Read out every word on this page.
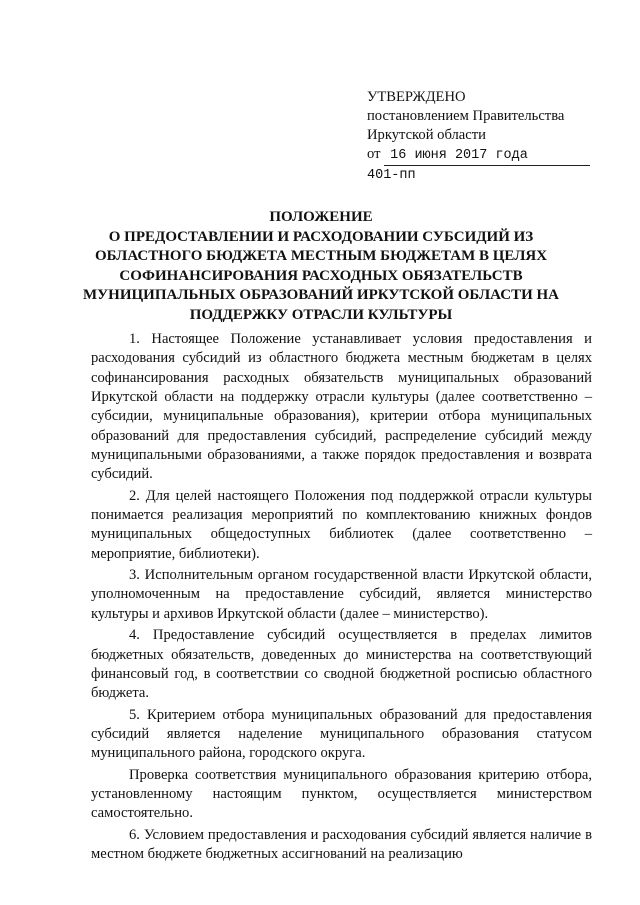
УТВЕРЖДЕНО
постановлением Правительства
Иркутской области
от 16 июня 2017 года
401-пп
ПОЛОЖЕНИЕ
О ПРЕДОСТАВЛЕНИИ И РАСХОДОВАНИИ СУБСИДИЙ ИЗ
ОБЛАСТНОГО БЮДЖЕТА МЕСТНЫМ БЮДЖЕТАМ В ЦЕЛЯХ
СОФИНАНСИРОВАНИЯ РАСХОДНЫХ ОБЯЗАТЕЛЬСТВ
МУНИЦИПАЛЬНЫХ ОБРАЗОВАНИЙ ИРКУТСКОЙ ОБЛАСТИ НА
ПОДДЕРЖКУ ОТРАСЛИ КУЛЬТУРЫ

1. Настоящее Положение устанавливает условия предоставления и расходования субсидий из областного бюджета местным бюджетам в целях софинансирования расходных обязательств муниципальных образований Иркутской области на поддержку отрасли культуры (далее соответственно – субсидии, муниципальные образования), критерии отбора муниципальных образований для предоставления субсидий, распределение субсидий между муниципальными образованиями, а также порядок предоставления и возврата субсидий.

2. Для целей настоящего Положения под поддержкой отрасли культуры понимается реализация мероприятий по комплектованию книжных фондов муниципальных общедоступных библиотек (далее соответственно – мероприятие, библиотеки).

3. Исполнительным органом государственной власти Иркутской области, уполномоченным на предоставление субсидий, является министерство культуры и архивов Иркутской области (далее – министерство).

4. Предоставление субсидий осуществляется в пределах лимитов бюджетных обязательств, доведенных до министерства на соответствующий финансовый год, в соответствии со сводной бюджетной росписью областного бюджета.

5. Критерием отбора муниципальных образований для предоставления субсидий является наделение муниципального образования статусом муниципального района, городского округа.

Проверка соответствия муниципального образования критерию отбора, установленному настоящим пунктом, осуществляется министерством самостоятельно.

6. Условием предоставления и расходования субсидий является наличие в местном бюджете бюджетных ассигнований на реализацию
